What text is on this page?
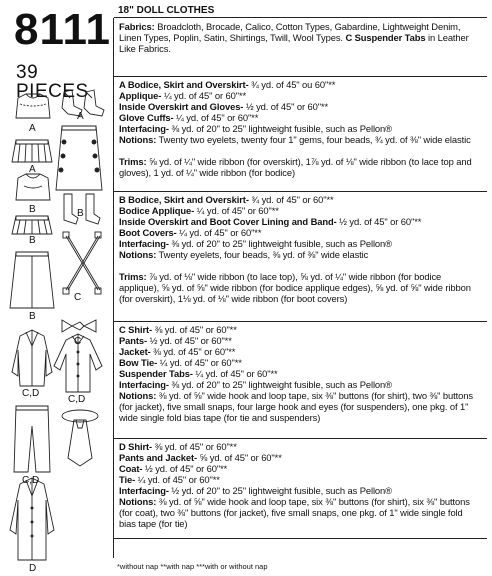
8111
39 PIECES
A
A
A
B	B
B
C
C
B
C,D
C,D
C,D
D
18" DOLL CLOTHES
Fabrics: Broadcloth, Brocade, Calico, Cotton Types, Gabardine, Lightweight Denim, Linen Types, Poplin, Satin, Shirtings, Twill, Wool Types. C Suspender Tabs in Leather Like Fabrics.
A Bodice, Skirt and Overskirt- ¾ yd. of 45" ou 60"**
Applique- ¼ yd. of 45" or 60"**
Inside Overskirt and Gloves- ½ yd. of 45" or 60"**
Glove Cuffs- ¼ yd. of 45" or 60"**
Interfacing- ⅜ yd. of 20" to 25" lightweight fusible, such as Pellon®
Notions: Twenty two eyelets, twenty four 1" gems, four beads, ¾ yd. of ⅜" wide elastic
Trims: ⅝ yd. of ¼" wide ribbon (for overskirt), 1⅞ yd. of ⅛" wide ribbon (to lace top and gloves), 1 yd. of ¼" wide ribbon (for bodice)
B Bodice, Skirt and Overskirt- ¾ yd. of 45" or 60"**
Bodice Applique- ¼ yd. of 45" or 60"**
Inside Overskirt and Boot Cover Lining and Band- ½ yd. of 45" or 60"**
Boot Covers- ¼ yd. of 45" or 60"**
Interfacing- ⅜ yd. of 20" to 25" lightweight fusible, such as Pellon®
Notions: Twenty eyelets, four beads, ⅜ yd. of ⅜" wide elastic
Trims: ⅞ yd. of ⅛" wide ribbon (to lace top), ⅝ yd. of ¼" wide ribbon (for bodice applique), ⅝ yd. of ⅝" wide ribbon (for bodice applique edges), ⅝ yd. of ⅝" wide ribbon (for overskirt), 1⅛ yd. of ⅛" wide ribbon (for boot covers)
C Shirt- ⅜ yd. of 45" or 60"**
Pants- ½ yd. of 45" or 60"**
Jacket- ⅜ yd. of 45" or 60"**
Bow Tie- ¼ yd. of 45" or 60"**
Suspender Tabs- ¼ yd. of 45" or 60"**
Interfacing- ⅜ yd. of 20" to 25" lightweight fusible, such as Pellon®
Notions: ⅜ yd. of ⅝" wide hook and loop tape, six ⅜" buttons (for shirt), two ⅜" buttons (for jacket), five small snaps, four large hook and eyes (for suspenders), one pkg. of 1" wide single fold bias tape (for tie and suspenders)
D Shirt- ⅜ yd. of 45" or 60"**
Pants and Jacket- ⅝ yd. of 45" or 60"**
Coat- ½ yd. of 45" or 60"**
Tie- ¼ yd. of 45" or 60"**
Interfacing- ½ yd. of 20" to 25" lightweight fusible, such as Pellon®
Notions: ⅜ yd. of ⅝" wide hook and loop tape, six ⅜" buttons (for shirt), six ⅜" buttons (for coat), two ⅜" buttons (for jacket), five small snaps, one pkg. of 1" wide single fold bias tape (for tie)
*without nap **with nap ***with or without nap
